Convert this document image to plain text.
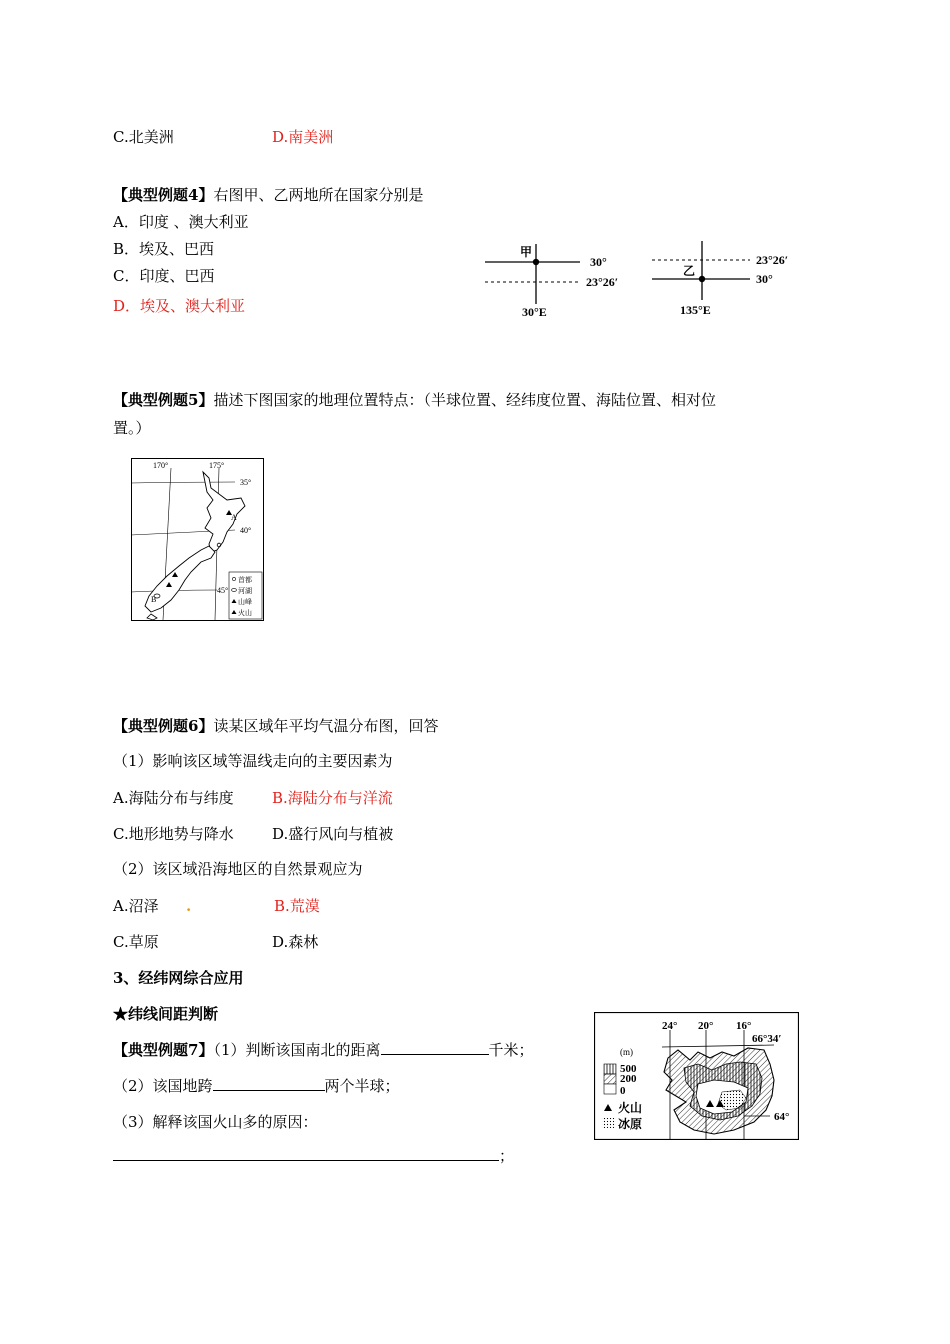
C.北美洲	D.南美洲
【典型例题4】右图甲、乙两地所在国家分别是
A．印度 、澳大利亚
B．埃及、巴西
C．印度、巴西
D．埃及、澳大利亚
甲
30°
23°26′
30°E
乙
23°26′
30°
135°E
【典型例题5】描述下图国家的地理位置特点：（半球位置、经纬度位置、海陆位置、相对位
置。）
170°	175°
35°
40°
45°
A
B
首都
河湖
山峰
火山
【典型例题6】读某区域年平均气温分布图，回答
（1）影响该区域等温线走向的主要因素为
A.海陆分布与纬度	B.海陆分布与洋流
C.地形地势与降水	D.盛行风向与植被
（2）该区域沿海地区的自然景观应为
A.沼泽 .	B.荒漠
C.草原	D.森林
3、经纬网综合应用
★纬线间距判断
【典型例题7】（1）判断该国南北的距离	千米；
（2）该国地跨	两个半球；
（3）解释该国火山多的原因：
；
24° 20° 16°
66°34′
64°
(m)
500
200
0
火山
冰原
